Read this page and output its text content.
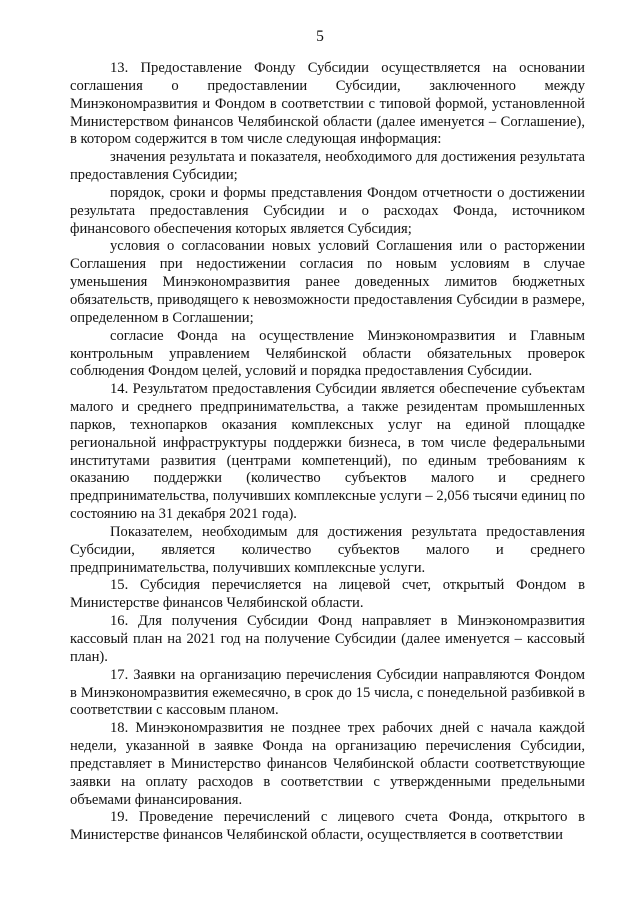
5

13. Предоставление Фонду Субсидии осуществляется на основании соглашения о предоставлении Субсидии, заключенного между Минэкономразвития и Фондом в соответствии с типовой формой, установленной Министерством финансов Челябинской области (далее именуется – Соглашение), в котором содержится в том числе следующая информация:

значения результата и показателя, необходимого для достижения результата предоставления Субсидии;

порядок, сроки и формы представления Фондом отчетности о достижении результата предоставления Субсидии и о расходах Фонда, источником финансового обеспечения которых является Субсидия;

условия о согласовании новых условий Соглашения или о расторжении Соглашения при недостижении согласия по новым условиям в случае уменьшения Минэкономразвития ранее доведенных лимитов бюджетных обязательств, приводящего к невозможности предоставления Субсидии в размере, определенном в Соглашении;

согласие Фонда на осуществление Минэкономразвития и Главным контрольным управлением Челябинской области обязательных проверок соблюдения Фондом целей, условий и порядка предоставления Субсидии.

14. Результатом предоставления Субсидии является обеспечение субъектам малого и среднего предпринимательства, а также резидентам промышленных парков, технопарков оказания комплексных услуг на единой площадке региональной инфраструктуры поддержки бизнеса, в том числе федеральными институтами развития (центрами компетенций), по единым требованиям к оказанию поддержки (количество субъектов малого и среднего предпринимательства, получивших комплексные услуги – 2,056 тысячи единиц по состоянию на 31 декабря 2021 года).

Показателем, необходимым для достижения результата предоставления Субсидии, является количество субъектов малого и среднего предпринимательства, получивших комплексные услуги.

15. Субсидия перечисляется на лицевой счет, открытый Фондом в Министерстве финансов Челябинской области.

16. Для получения Субсидии Фонд направляет в Минэкономразвития кассовый план на 2021 год на получение Субсидии (далее именуется – кассовый план).

17. Заявки на организацию перечисления Субсидии направляются Фондом в Минэкономразвития ежемесячно, в срок до 15 числа, с понедельной разбивкой в соответствии с кассовым планом.

18. Минэкономразвития не позднее трех рабочих дней с начала каждой недели, указанной в заявке Фонда на организацию перечисления Субсидии, представляет в Министерство финансов Челябинской области соответствующие заявки на оплату расходов в соответствии с утвержденными предельными объемами финансирования.

19. Проведение перечислений с лицевого счета Фонда, открытого в Министерстве финансов Челябинской области, осуществляется в соответствии
